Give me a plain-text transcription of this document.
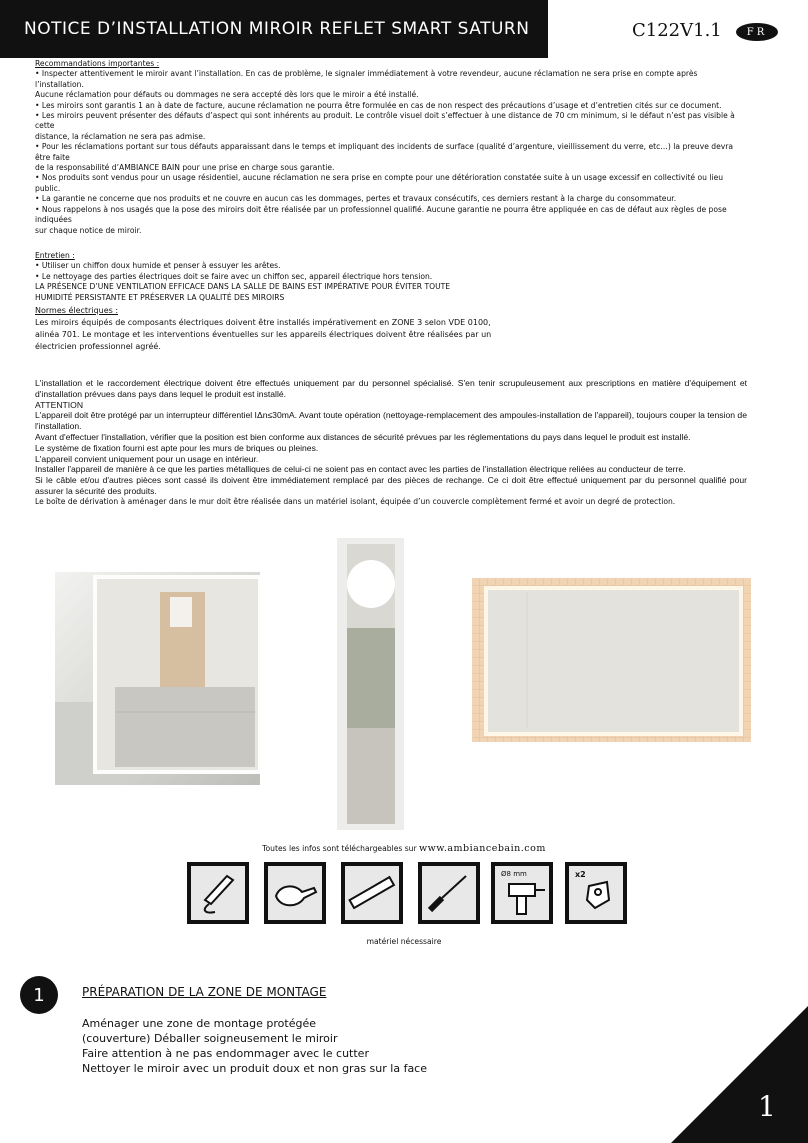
NOTICE D’INSTALLATION MIROIR REFLET SMART SATURN	C122V1.1	FR

Recommandations importantes :

• Inspecter attentivement le miroir avant l’installation. En cas de problème, le signaler immédiatement à votre revendeur, aucune réclamation ne sera prise en compte après l’installation.

Aucune réclamation pour défauts ou dommages ne sera accepté dès lors que le miroir a été installé.

• Les miroirs sont garantis 1 an à date de facture, aucune réclamation ne pourra être formulée en cas de non respect des précautions d’usage et d’entretien cités sur ce document.

• Les miroirs peuvent présenter des défauts d’aspect qui sont inhérents au produit. Le contrôle visuel doit s’effectuer à une distance de 70 cm minimum, si le défaut n’est pas visible à cette

distance, la réclamation ne sera pas admise.

• Pour les réclamations portant sur tous défauts apparaissant dans le temps et impliquant des incidents de surface (qualité d’argenture, vieillissement du verre, etc…) la preuve devra être faite

de la responsabilité d’AMBIANCE BAIN pour une prise en charge sous garantie.

• Nos produits sont vendus pour un usage résidentiel, aucune réclamation ne sera prise en compte pour une détérioration constatée suite à un usage excessif en collectivité ou lieu public.

• La garantie ne concerne que nos produits et ne couvre en aucun cas les dommages, pertes et travaux consécutifs, ces derniers restant à la charge du consommateur.

• Nous rappelons à nos usagés que la pose des miroirs doit être réalisée par un professionnel qualifié. Aucune garantie ne pourra être appliquée en cas de défaut aux règles de pose indiquées

sur chaque notice de miroir.

Entretien :

• Utiliser un chiffon doux humide et penser à essuyer les arêtes.

• Le nettoyage des parties électriques doit se faire avec un chiffon sec, appareil électrique hors tension.

LA PRÉSENCE D’UNE VENTILATION EFFICACE DANS LA SALLE DE BAINS EST IMPÉRATIVE POUR ÉVITER TOUTE

HUMIDITÉ PERSISTANTE ET PRÉSERVER LA QUALITÉ DES MIROIRS

Normes électriques :

Les miroirs équipés de composants électriques doivent être installés impérativement en ZONE 3 selon VDE 0100,

alinéa 701. Le montage et les interventions éventuelles sur les appareils électriques doivent être réalisées par un

électricien professionnel agréé.

L'installation et le raccordement électrique doivent être effectués uniquement par du personnel spécialisé. S'en tenir scrupuleusement aux prescriptions en matière d'équipement et d'installation prévues dans pays dans lequel le produit est installé.

ATTENTION

L'appareil doit être protégé par un interrupteur différentiel IΔn≤30mA. Avant toute opération (nettoyage-remplacement des ampoules-installation de l'appareil), toujours couper la tension de l'installation.

Avant d'effectuer l'installation, vérifier que la position est bien conforme aux distances de sécurité prévues par les réglementations du pays dans lequel le produit est installé.

Le système de fixation fourni est apte pour les murs de briques ou pleines.

L'appareil convient uniquement pour un usage en intérieur.

Installer l'appareil de manière à ce que les parties métalliques de celui-ci ne soient pas en contact avec les parties de l'installation électrique reliées au conducteur de terre.

Si le câble et/ou d'autres pièces sont cassé ils doivent être immédiatement remplacé par des pièces de rechange. Ce ci doit être effectué uniquement par du personnel qualifié pour assurer la sécurité des produits.

Le boîte de dérivation à aménager dans le mur doit être réalisée dans un matériel isolant, équipée d’un couvercle complètement fermé et avoir un degré de protection.

Toutes les infos sont téléchargeables sur www.ambiancebain.com
Ø8 mm	x2
matériel nécessaire
1	PRÉPARATION DE LA ZONE DE MONTAGE

Aménager une zone de montage protégée

(couverture) Déballer soigneusement le miroir

Faire attention à ne pas endommager avec le cutter

Nettoyer le miroir avec un produit doux et non gras sur la face

1
